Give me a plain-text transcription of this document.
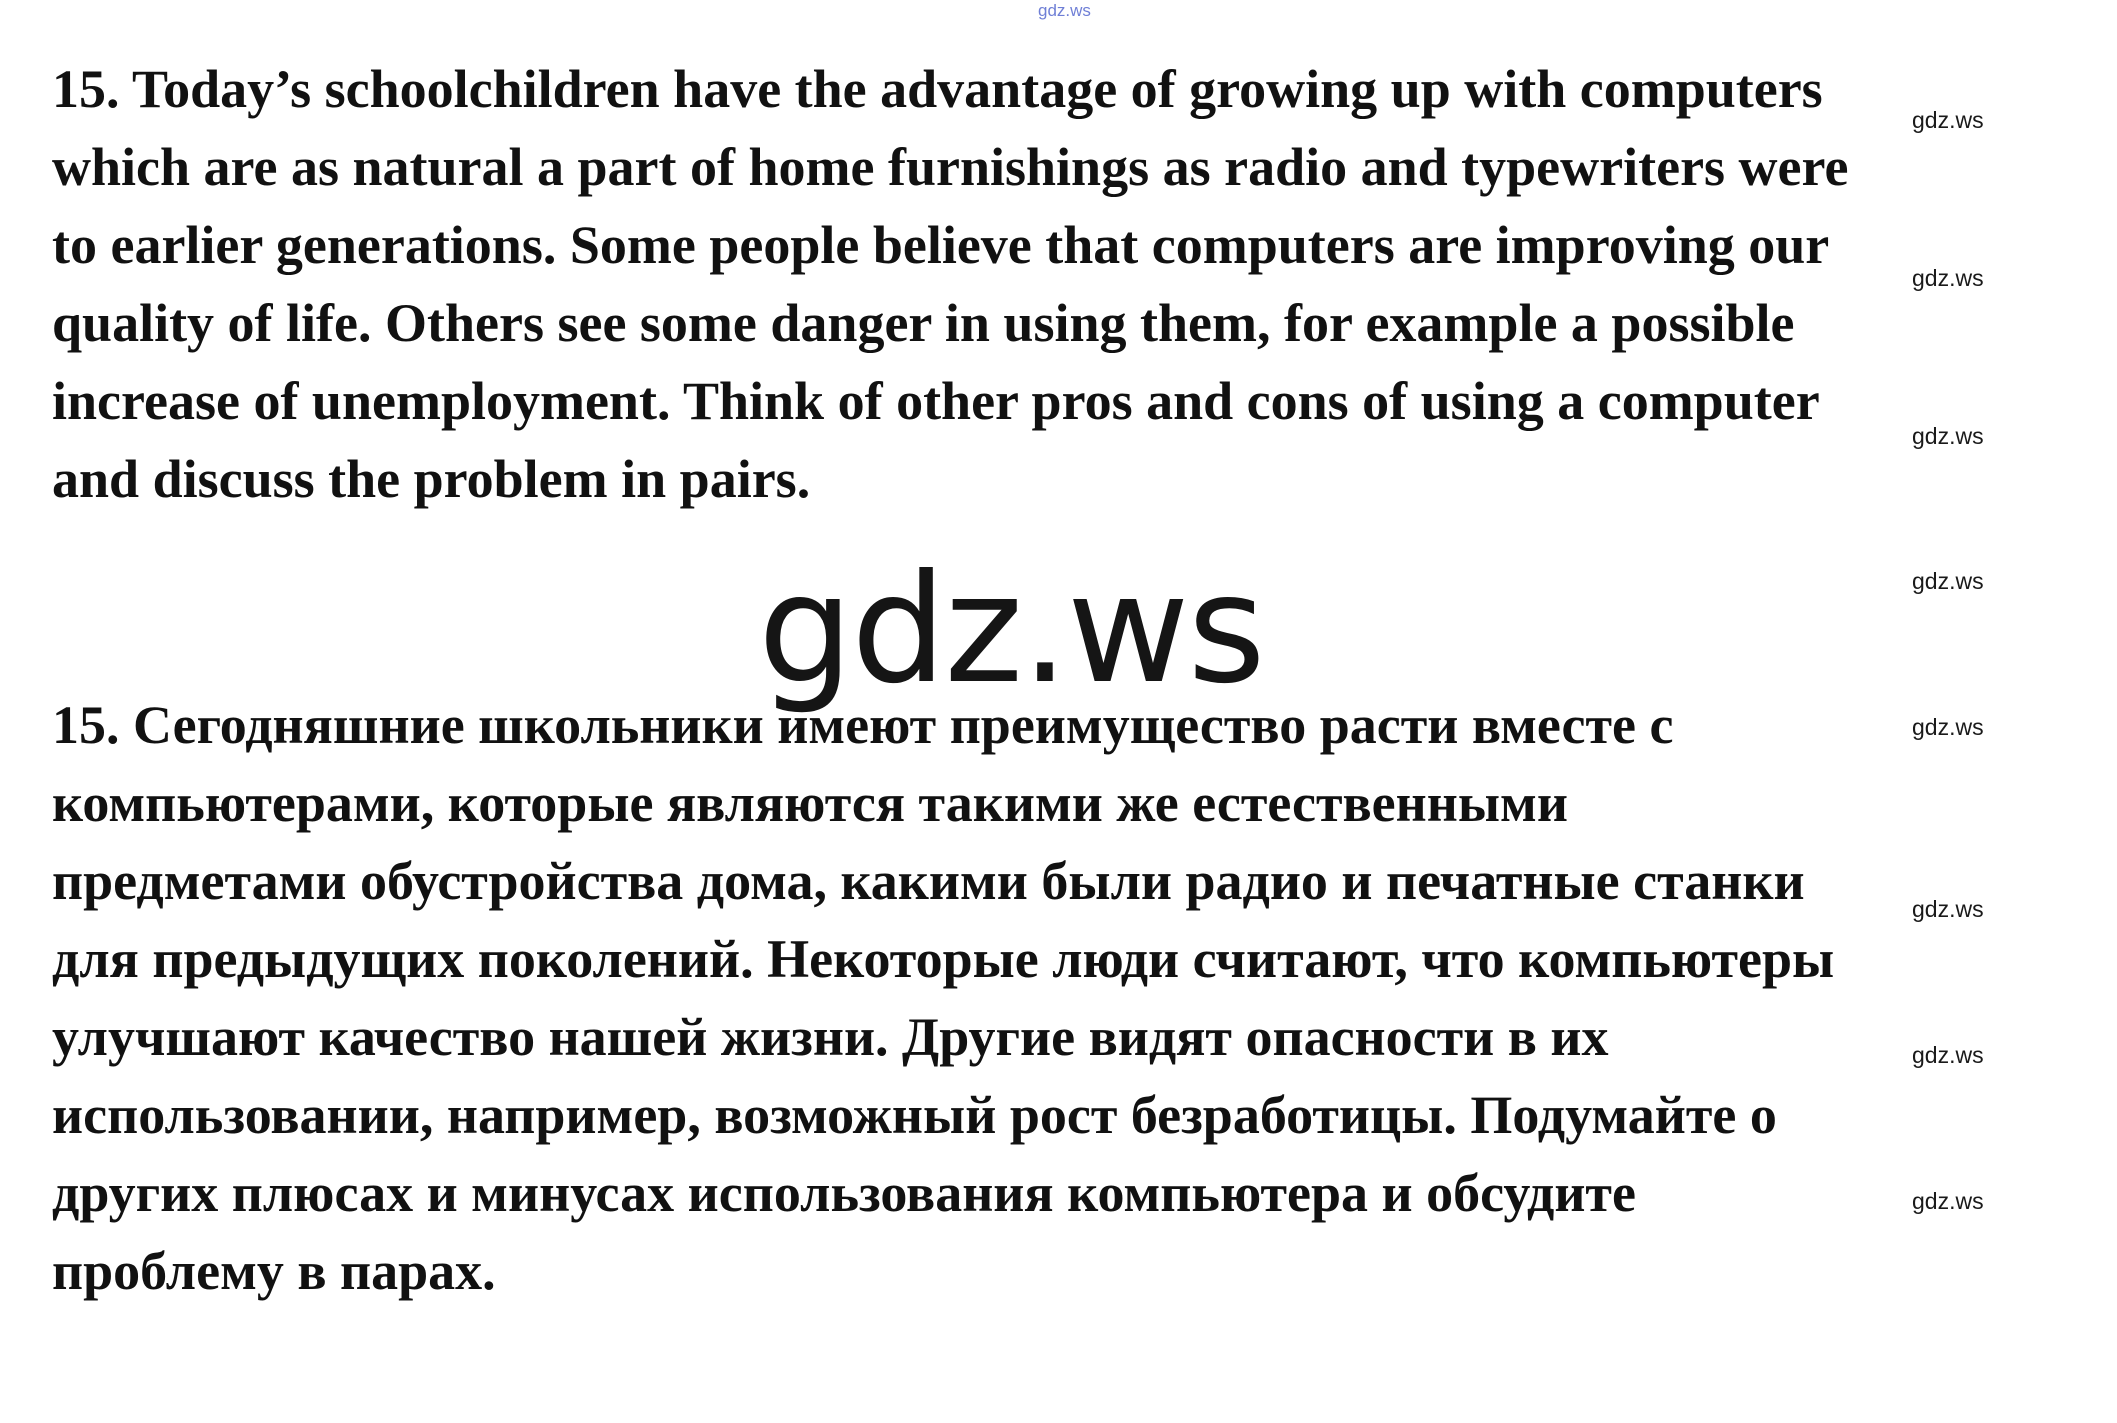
gdz.ws
15. Today’s schoolchildren have the advantage of growing up with computers
which are as natural a part of home furnishings as radio and typewriters were
to earlier generations. Some people believe that computers are improving our
quality of life. Others see some danger in using them, for example a possible
increase of unemployment. Think of other pros and cons of using a computer
and discuss the problem in pairs.
gdz.ws
gdz.ws
gdz.ws
gdz.ws
gdz.ws
15. Сегодняшние школьники имеют преимущество расти вместе с
компьютерами, которые являются такими же естественными
предметами обустройства дома, какими были радио и печатные станки
для предыдущих поколений. Некоторые люди считают, что компьютеры
улучшают качество нашей жизни. Другие видят опасности в их
использовании, например, возможный рост безработицы. Подумайте о
других плюсах и минусах использования компьютера и обсудите
проблему в парах.
gdz.ws
gdz.ws
gdz.ws
gdz.ws
